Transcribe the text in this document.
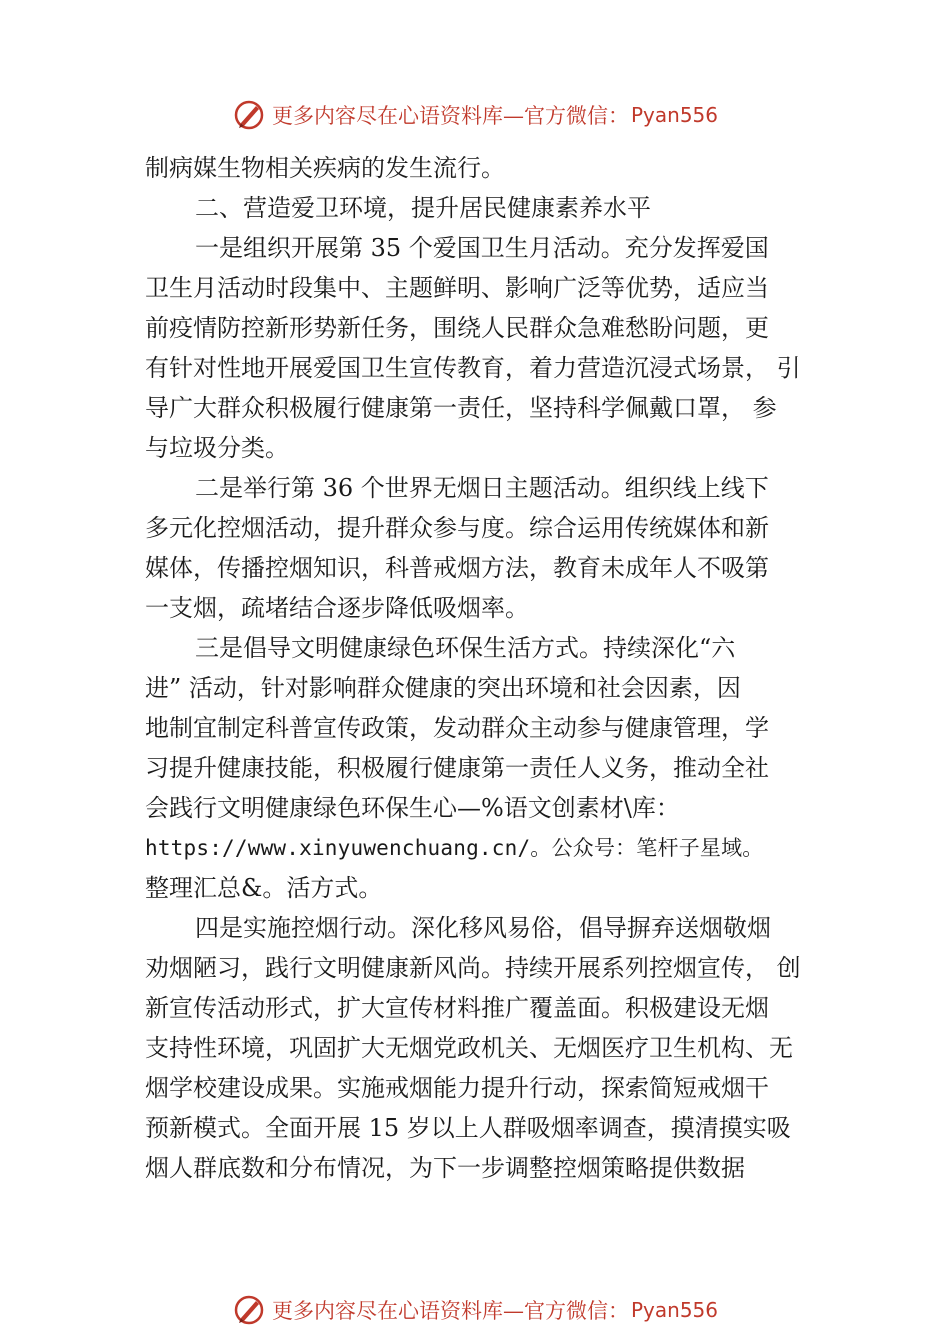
更多内容尽在心语资料库—官方微信： Pyan556
制病媒生物相关疾病的发生流行。
二、营造爱卫环境，提升居民健康素养水平
一是组织开展第 35 个爱国卫生月活动。充分发挥爱国
卫生月活动时段集中、主题鲜明、影响广泛等优势，适应当
前疫情防控新形势新任务，围绕人民群众急难愁盼问题，更
有针对性地开展爱国卫生宣传教育，着力营造沉浸式场景， 引
导广大群众积极履行健康第一责任，坚持科学佩戴口罩， 参
与垃圾分类。
二是举行第 36 个世界无烟日主题活动。组织线上线下
多元化控烟活动，提升群众参与度。综合运用传统媒体和新
媒体，传播控烟知识，科普戒烟方法，教育未成年人不吸第
一支烟，疏堵结合逐步降低吸烟率。
三是倡导文明健康绿色环保生活方式。持续深化“六
进” 活动，针对影响群众健康的突出环境和社会因素，因
地制宜制定科普宣传政策，发动群众主动参与健康管理，学
习提升健康技能，积极履行健康第一责任人义务，推动全社
会践行文明健康绿色环保生心—%语文创素材\库：
https://www.xinyuwenchuang.cn/。公众号：笔杆子星域。
整理汇总&。活方式。
四是实施控烟行动。深化移风易俗，倡导摒弃送烟敬烟
劝烟陋习，践行文明健康新风尚。持续开展系列控烟宣传， 创
新宣传活动形式，扩大宣传材料推广覆盖面。积极建设无烟
支持性环境，巩固扩大无烟党政机关、无烟医疗卫生机构、无
烟学校建设成果。实施戒烟能力提升行动，探索简短戒烟干
预新模式。全面开展 15 岁以上人群吸烟率调查，摸清摸实吸
烟人群底数和分布情况，为下一步调整控烟策略提供数据
更多内容尽在心语资料库—官方微信： Pyan556
